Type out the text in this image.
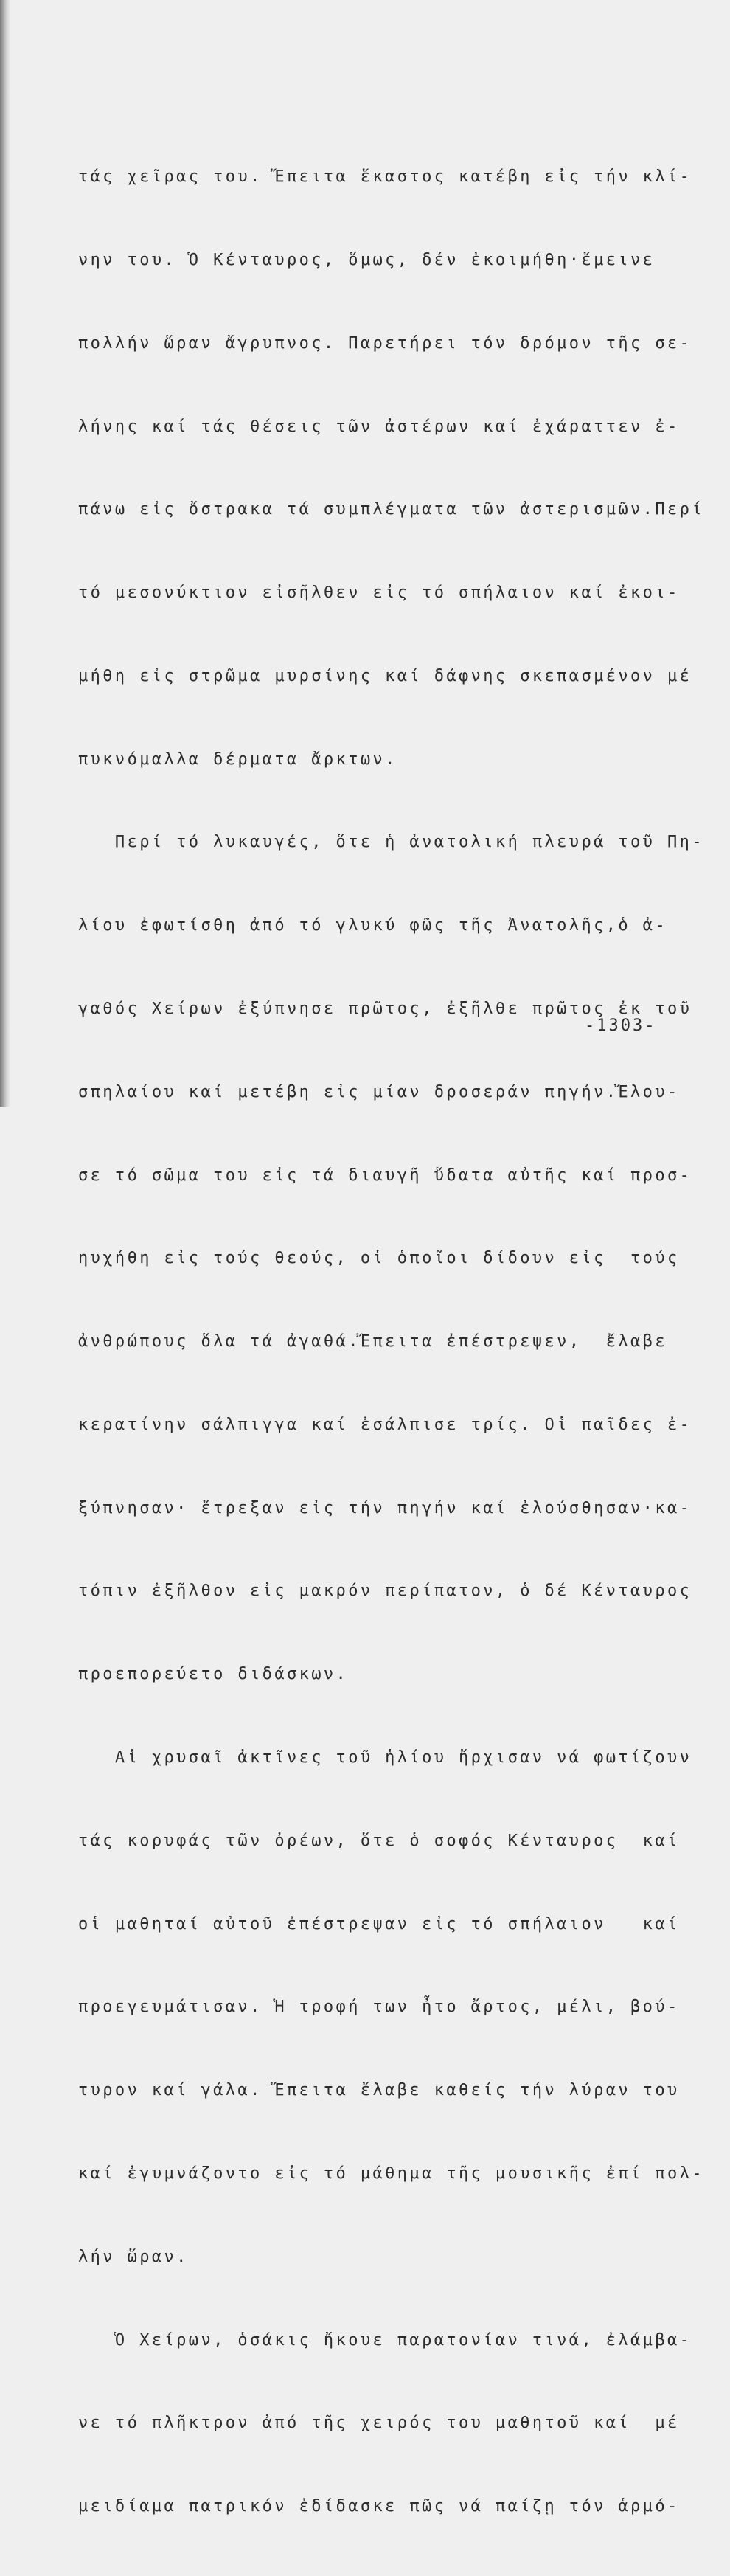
τάς χεῖρας του. Ἔπειτα ἕκαστος κατέβη εἰς τήν κλί-

νην του. Ὁ Κένταυρος, ὅμως, δέν ἐκοιμήθη·ἔμεινε

πολλήν ὥραν ἄγρυπνος. Παρετήρει τόν δρόμον τῆς σε-

λήνης καί τάς θέσεις τῶν ἀστέρων καί ἐχάραττεν ἐ-

πάνω εἰς ὄστρακα τά συμπλέγματα τῶν ἀστερισμῶν.Περί

τό μεσονύκτιον εἰσῆλθεν εἰς τό σπήλαιον καί ἐκοι-

μήθη εἰς στρῶμα μυρσίνης καί δάφνης σκεπασμένον μέ

πυκνόμαλλα δέρματα ἄρκτων.

Περί τό λυκαυγές, ὅτε ἡ ἀνατολική πλευρά τοῦ Πη-

λίου ἐφωτίσθη ἀπό τό γλυκύ φῶς τῆς Ἀνατολῆς,ὁ ἀ-

γαθός Χείρων ἐξύπνησε πρῶτος, ἐξῆλθε πρῶτος ἐκ τοῦ

σπηλαίου καί μετέβη εἰς μίαν δροσεράν πηγήν.Ἔλου-

σε τό σῶμα του εἰς τά διαυγῆ ὕδατα αὐτῆς καί προσ-

ηυχήθη εἰς τούς θεούς, οἱ ὁποῖοι δίδουν εἰς  τούς

ἀνθρώπους ὅλα τά ἀγαθά.Ἔπειτα ἐπέστρεψεν,  ἔλαβε

κερατίνην σάλπιγγα καί ἐσάλπισε τρίς. Οἱ παῖδες ἐ-

ξύπνησαν· ἔτρεξαν εἰς τήν πηγήν καί ἐλούσθησαν·κα-

τόπιν ἐξῆλθον εἰς μακρόν περίπατον, ὁ δέ Κένταυρος

προεπορεύετο διδάσκων.

Αἱ χρυσαῖ ἀκτῖνες τοῦ ἡλίου ἤρχισαν νά φωτίζουν

τάς κορυφάς τῶν ὀρέων, ὅτε ὁ σοφός Κένταυρος  καί

οἱ μαθηταί αὐτοῦ ἐπέστρεψαν εἰς τό σπήλαιον   καί

προεγευμάτισαν. Ἡ τροφή των ἦτο ἄρτος, μέλι, βού-

τυρον καί γάλα. Ἔπειτα ἔλαβε καθείς τήν λύραν του

καί ἐγυμνάζοντο εἰς τό μάθημα τῆς μουσικῆς ἐπί πολ-

λήν ὥραν.

Ὁ Χείρων, ὁσάκις ἤκουε παρατονίαν τινά, ἐλάμβα-

νε τό πλῆκτρον ἀπό τῆς χειρός του μαθητοῦ καί  μέ

μειδίαμα πατρικόν ἐδίδασκε πῶς νά παίζῃ τόν ἁρμό-

-1303-
